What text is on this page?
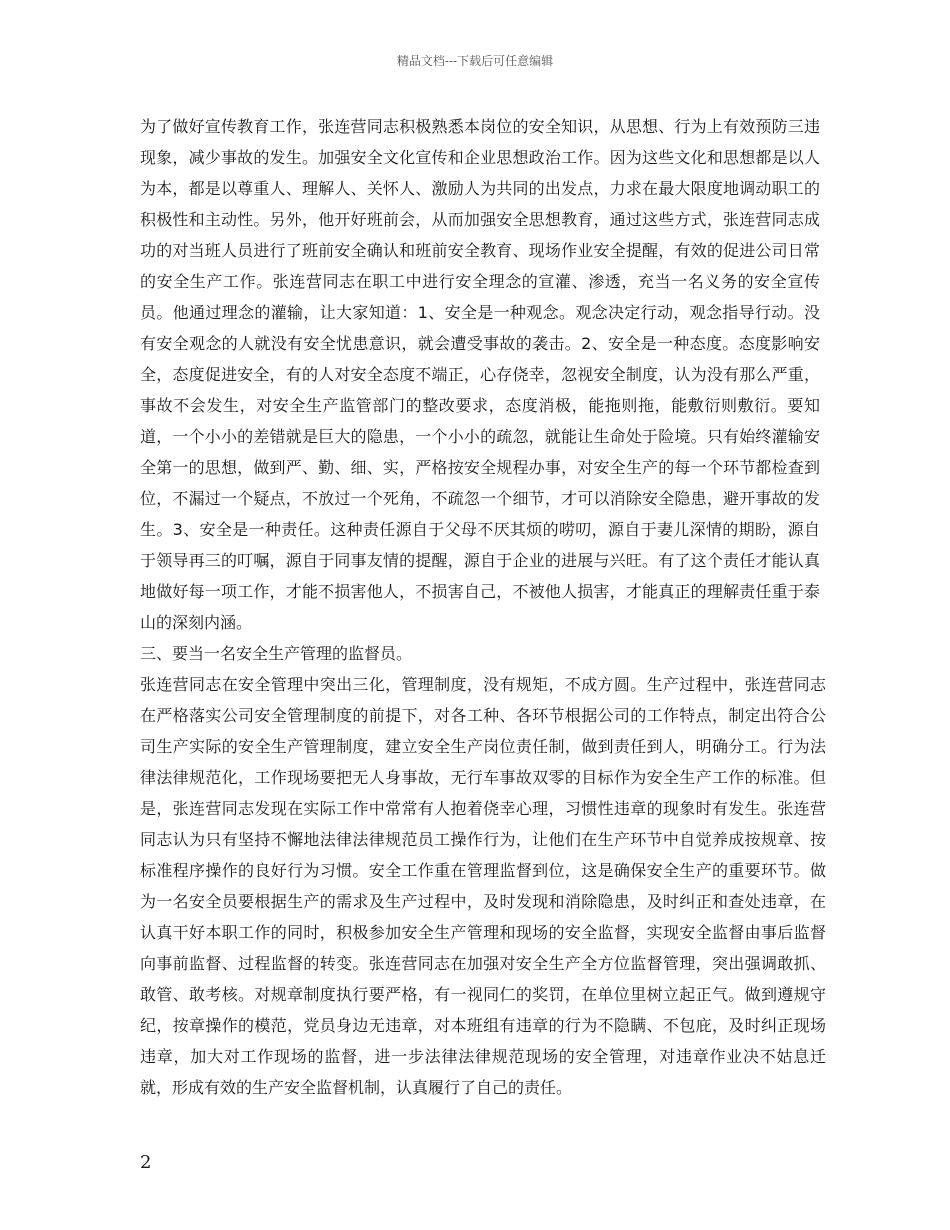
精品文档---下载后可任意编辑

为了做好宣传教育工作，张连营同志积极熟悉本岗位的安全知识，从思想、行为上有效预防三违现象，减少事故的发生。加强安全文化宣传和企业思想政治工作。因为这些文化和思想都是以人为本，都是以尊重人、理解人、关怀人、激励人为共同的出发点，力求在最大限度地调动职工的积极性和主动性。另外，他开好班前会，从而加强安全思想教育，通过这些方式，张连营同志成功的对当班人员进行了班前安全确认和班前安全教育、现场作业安全提醒，有效的促进公司日常的安全生产工作。张连营同志在职工中进行安全理念的宣灌、渗透，充当一名义务的安全宣传员。他通过理念的灌输，让大家知道：1、安全是一种观念。观念决定行动，观念指导行动。没有安全观念的人就没有安全忧患意识，就会遭受事故的袭击。2、安全是一种态度。态度影响安全，态度促进安全，有的人对安全态度不端正，心存侥幸，忽视安全制度，认为没有那么严重，事故不会发生，对安全生产监管部门的整改要求，态度消极，能拖则拖，能敷衍则敷衍。要知道，一个小小的差错就是巨大的隐患，一个小小的疏忽，就能让生命处于险境。只有始终灌输安全第一的思想，做到严、勤、细、实，严格按安全规程办事，对安全生产的每一个环节都检查到位，不漏过一个疑点，不放过一个死角，不疏忽一个细节，才可以消除安全隐患，避开事故的发生。3、安全是一种责任。这种责任源自于父母不厌其烦的唠叨，源自于妻儿深情的期盼，源自于领导再三的叮嘱，源自于同事友情的提醒，源自于企业的进展与兴旺。有了这个责任才能认真地做好每一项工作，才能不损害他人，不损害自己，不被他人损害，才能真正的理解责任重于泰山的深刻内涵。

三、要当一名安全生产管理的监督员。

张连营同志在安全管理中突出三化，管理制度，没有规矩，不成方圆。生产过程中，张连营同志在严格落实公司安全管理制度的前提下，对各工种、各环节根据公司的工作特点，制定出符合公司生产实际的安全生产管理制度，建立安全生产岗位责任制，做到责任到人，明确分工。行为法律法律规范化，工作现场要把无人身事故，无行车事故双零的目标作为安全生产工作的标准。但是，张连营同志发现在实际工作中常常有人抱着侥幸心理，习惯性违章的现象时有发生。张连营同志认为只有坚持不懈地法律法律规范员工操作行为，让他们在生产环节中自觉养成按规章、按标准程序操作的良好行为习惯。安全工作重在管理监督到位，这是确保安全生产的重要环节。做为一名安全员要根据生产的需求及生产过程中，及时发现和消除隐患，及时纠正和查处违章，在认真干好本职工作的同时，积极参加安全生产管理和现场的安全监督，实现安全监督由事后监督向事前监督、过程监督的转变。张连营同志在加强对安全生产全方位监督管理，突出强调敢抓、敢管、敢考核。对规章制度执行要严格，有一视同仁的奖罚，在单位里树立起正气。做到遵规守纪，按章操作的模范，党员身边无违章，对本班组有违章的行为不隐瞒、不包庇，及时纠正现场违章，加大对工作现场的监督，进一步法律法律规范现场的安全管理，对违章作业决不姑息迁就，形成有效的生产安全监督机制，认真履行了自己的责任。

2
